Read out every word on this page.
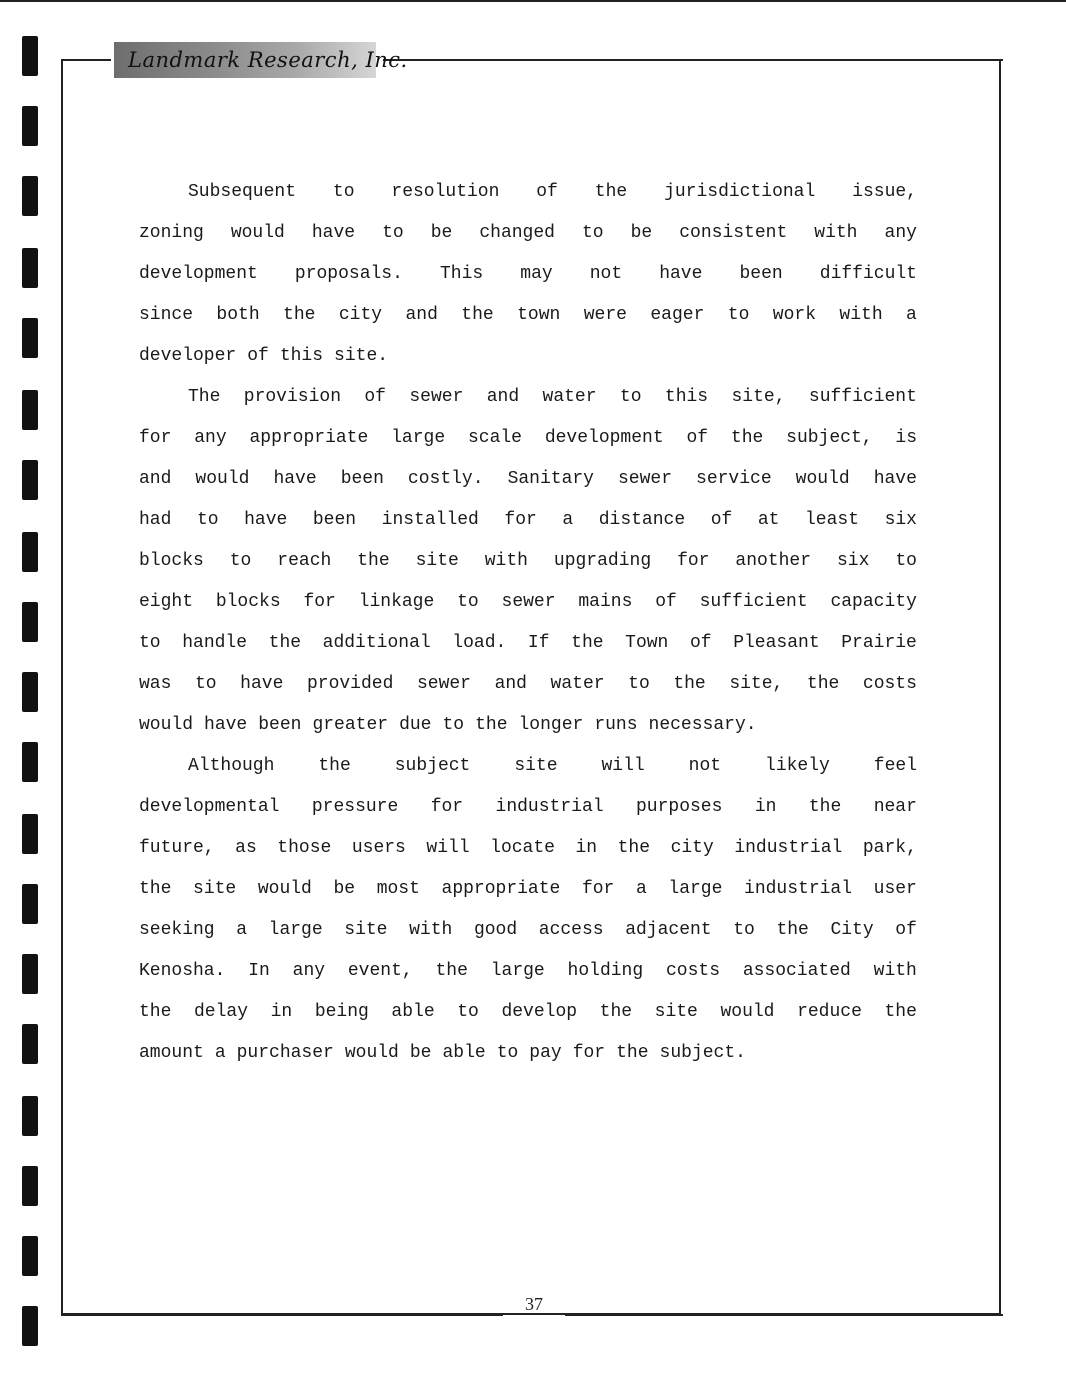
Landmark Research, Inc.
Subsequent to resolution of the jurisdictional issue,
zoning would have to be changed to be consistent with any
development proposals. This may not have been difficult
since both the city and the town were eager to work with a
developer of this site.
The provision of sewer and water to this site, sufficient
for any appropriate large scale development of the subject, is
and would have been costly. Sanitary sewer service would have
had to have been installed for a distance of at least six
blocks to reach the site with upgrading for another six to
eight blocks for linkage to sewer mains of sufficient capacity
to handle the additional load. If the Town of Pleasant Prairie
was to have provided sewer and water to the site, the costs
would have been greater due to the longer runs necessary.
Although the subject site will not likely feel
developmental pressure for industrial purposes in the near
future, as those users will locate in the city industrial park,
the site would be most appropriate for a large industrial user
seeking a large site with good access adjacent to the City of
Kenosha. In any event, the large holding costs associated with
the delay in being able to develop the site would reduce the
amount a purchaser would be able to pay for the subject.
37
